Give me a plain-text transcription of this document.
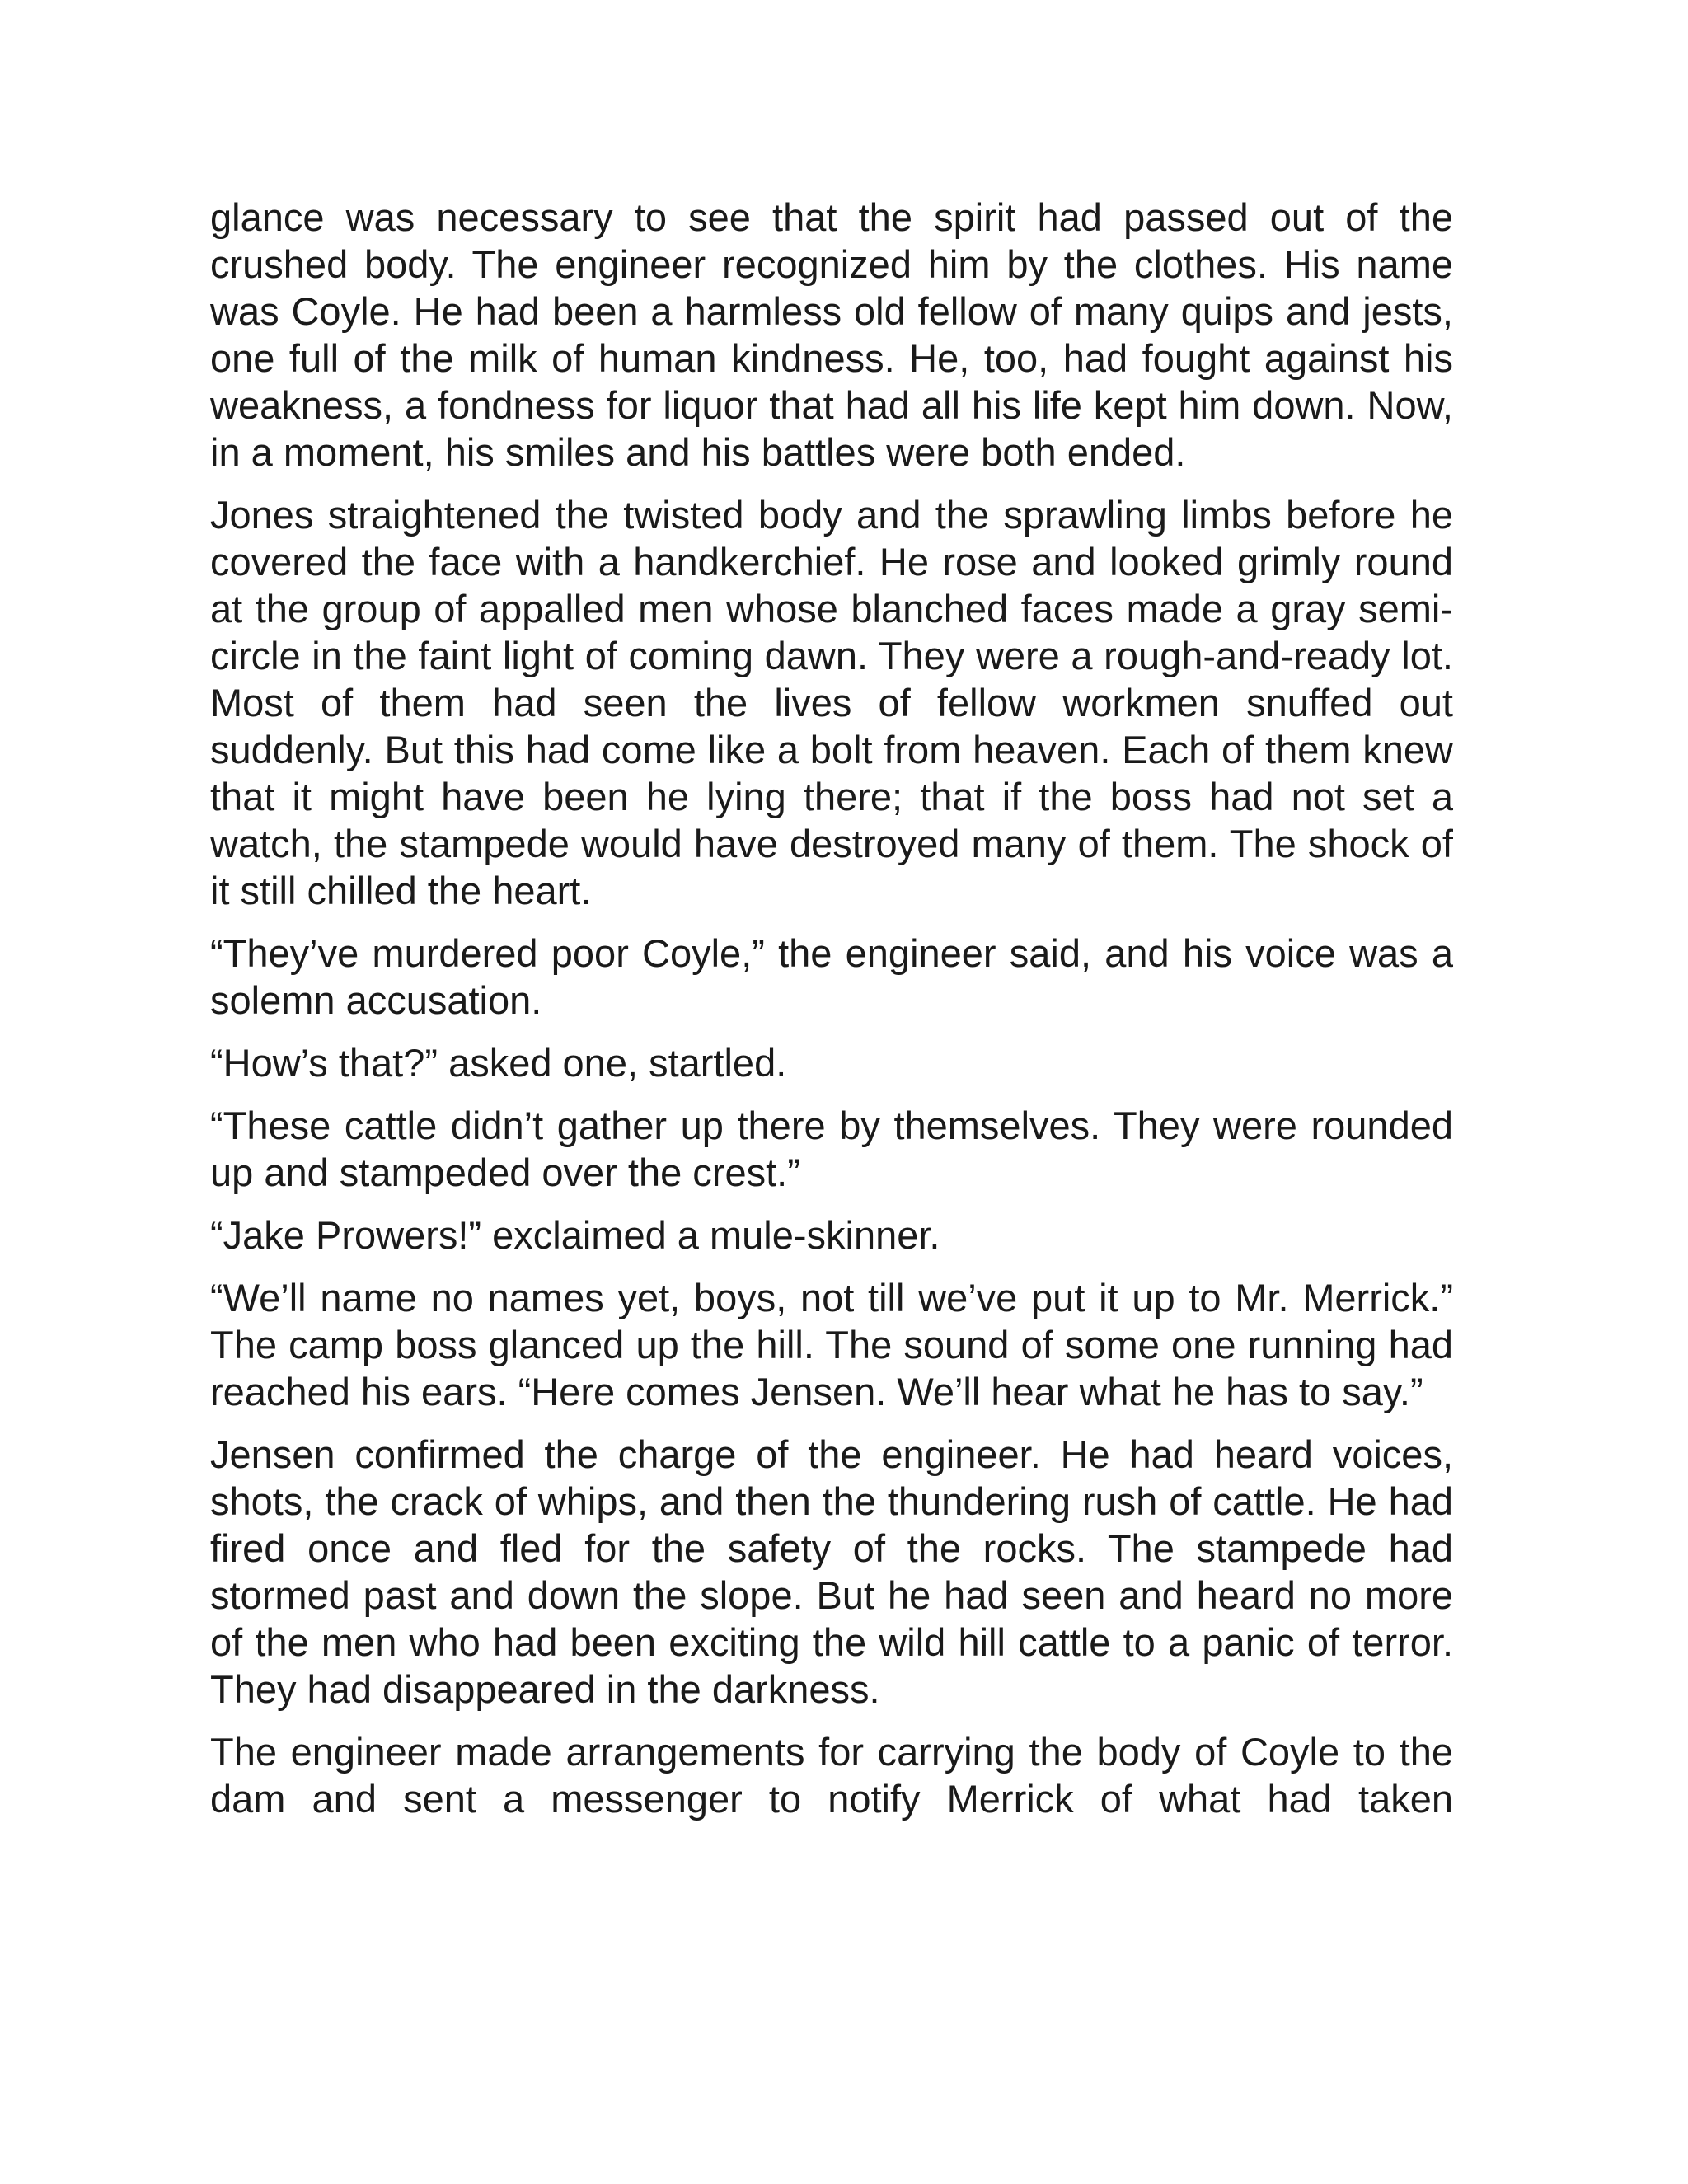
glance was necessary to see that the spirit had passed out of the crushed body. The engineer recognized him by the clothes. His name was Coyle. He had been a harmless old fellow of many quips and jests, one full of the milk of human kindness. He, too, had fought against his weakness, a fondness for liquor that had all his life kept him down. Now, in a moment, his smiles and his battles were both ended.

Jones straightened the twisted body and the sprawling limbs before he covered the face with a handkerchief. He rose and looked grimly round at the group of appalled men whose blanched faces made a gray semi-circle in the faint light of coming dawn. They were a rough-and-ready lot. Most of them had seen the lives of fellow workmen snuffed out suddenly. But this had come like a bolt from heaven. Each of them knew that it might have been he lying there; that if the boss had not set a watch, the stampede would have destroyed many of them. The shock of it still chilled the heart.

“They’ve murdered poor Coyle,” the engineer said, and his voice was a solemn accusation.

“How’s that?” asked one, startled.

“These cattle didn’t gather up there by themselves. They were rounded up and stampeded over the crest.”

“Jake Prowers!” exclaimed a mule-skinner.

“We’ll name no names yet, boys, not till we’ve put it up to Mr. Merrick.” The camp boss glanced up the hill. The sound of some one running had reached his ears. “Here comes Jensen. We’ll hear what he has to say.”

Jensen confirmed the charge of the engineer. He had heard voices, shots, the crack of whips, and then the thundering rush of cattle. He had fired once and fled for the safety of the rocks. The stampede had stormed past and down the slope. But he had seen and heard no more of the men who had been exciting the wild hill cattle to a panic of terror. They had disappeared in the darkness.

The engineer made arrangements for carrying the body of Coyle to the dam and sent a messenger to notify Merrick of what had taken
